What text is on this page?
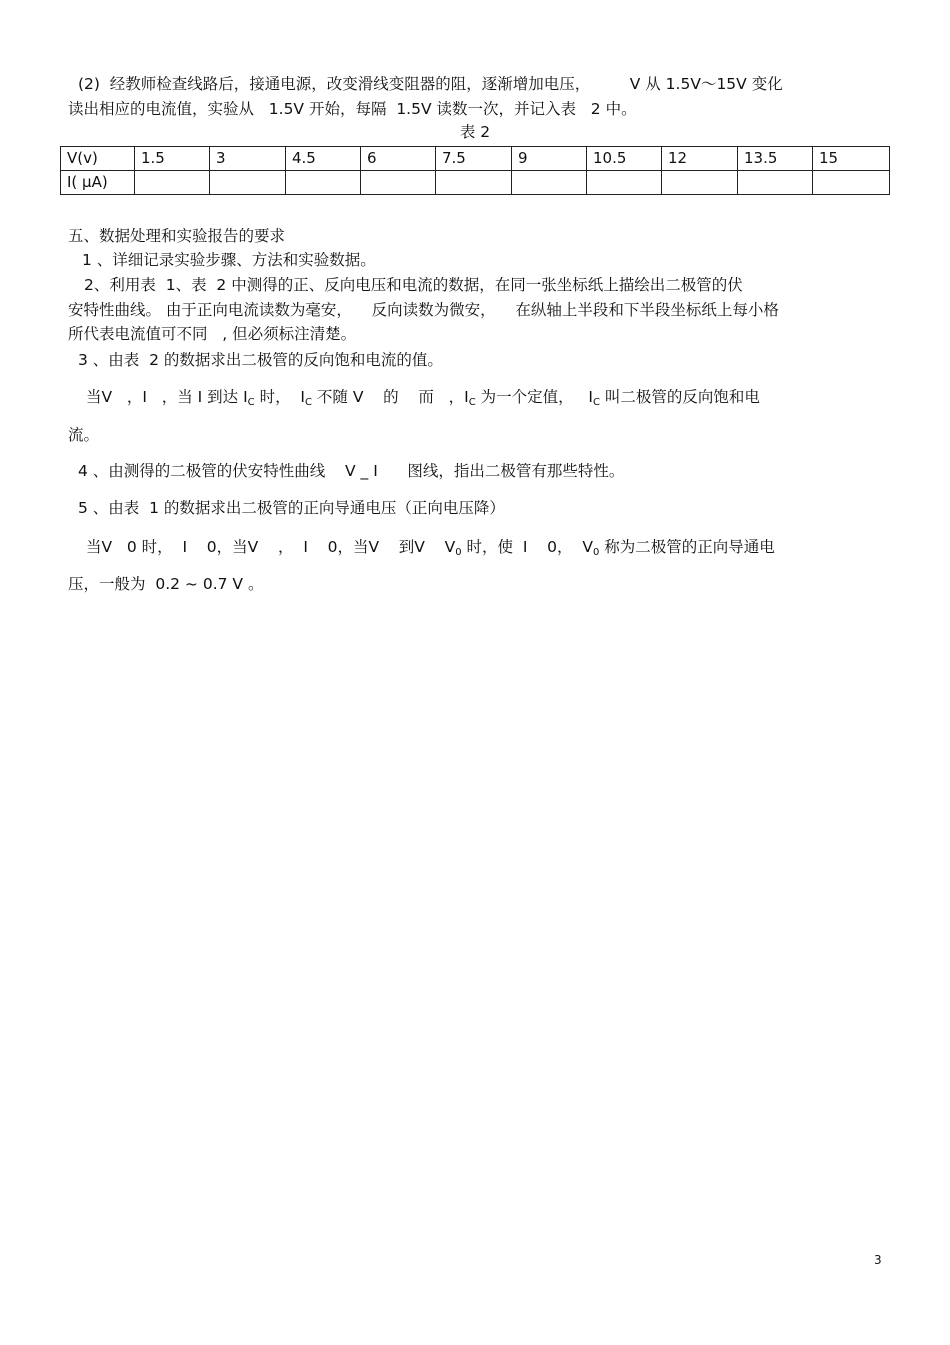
(2)  经教师检查线路后，接通电源，改变滑线变阻器的阻，逐渐增加电压，        V 从 1.5V～15V 变化
读出相应的电流值，实验从   1.5V 开始，每隔  1.5V 读数一次，并记入表   2 中。
表 2
V(v)	1.5	3	4.5	6	7.5	9	10.5	12	13.5	15
I( μA)										
五、数据处理和实验报告的要求
1 、详细记录实验步骤、方法和实验数据。
2、利用表  1、表  2 中测得的正、反向电压和电流的数据，在同一张坐标纸上描绘出二极管的伏
安特性曲线。 由于正向电流读数为毫安，    反向读数为微安，    在纵轴上半段和下半段坐标纸上每小格
所代表电流值可不同   , 但必须标注清楚。
3 、由表  2 的数据求出二极管的反向饱和电流的值。
当V   ，I   ，当 I 到达 $I_C$ 时，  $I_C$ 不随 V    的    而   ，$I_C$ 为一个定值，   $I_C$ 叫二极管的反向饱和电
流。
4 、由测得的二极管的伏安特性曲线    V _ I      图线，指出二极管有那些特性。
5 、由表  1 的数据求出二极管的正向导通电压（正向电压降）
当V   0 时，  I    0，当V    ，  I    0，当V    到V    $V_0$ 时，使  I    0，  $V_0$ 称为二极管的正向导通电
压，一般为  0.2 ~ 0.7 V 。
3
